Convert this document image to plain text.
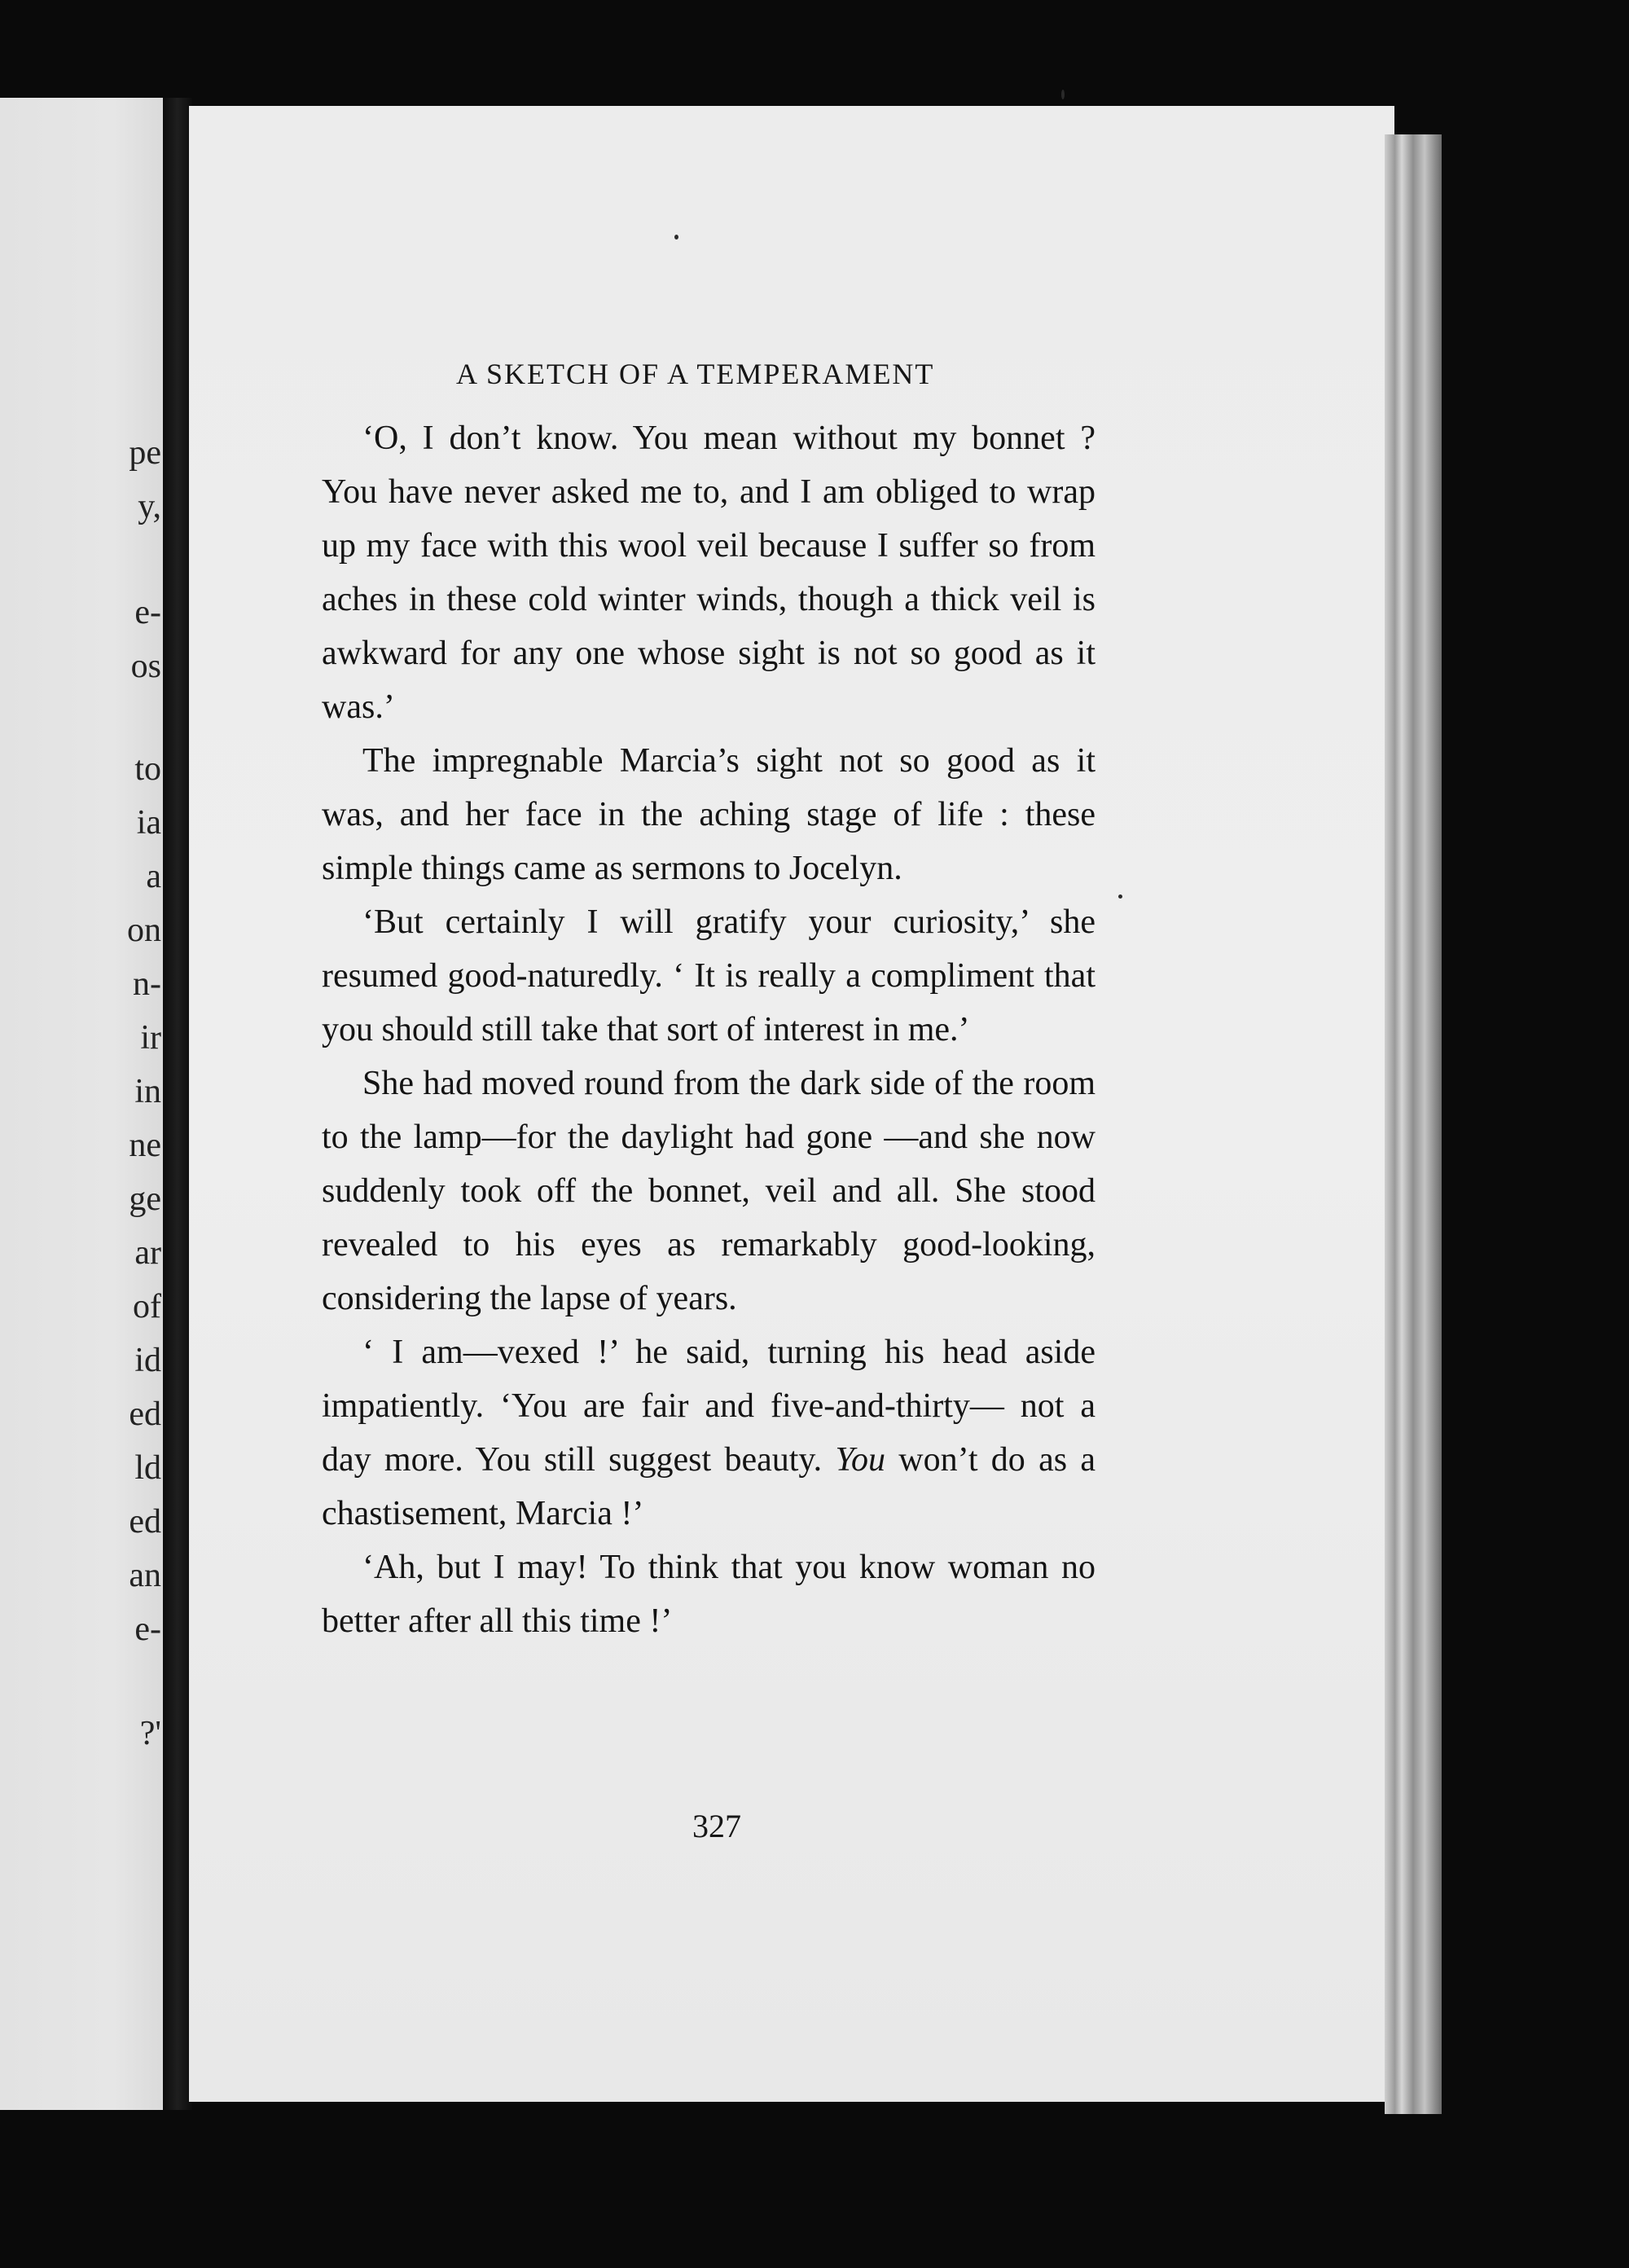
pe
y,
e-
os
to
ia
a
on
n-
ir
in
ne
ge
ar
of
id
ed
ld
ed
an
e-
?'
A SKETCH OF A TEMPERAMENT

‘O, I don’t know. You mean without my bonnet ? You have never asked me to, and I am obliged to wrap up my face with this wool veil because I suffer so from aches in these cold winter winds, though a thick veil is awkward for any one whose sight is not so good as it was.’

The impregnable Marcia’s sight not so good as it was, and her face in the aching stage of life : these simple things came as sermons to Jocelyn.

‘But certainly I will gratify your curiosity,’ she resumed good-naturedly. ‘ It is really a compliment that you should still take that sort of interest in me.’

She had moved round from the dark side of the room to the lamp—for the daylight had gone —and she now suddenly took off the bonnet, veil and all. She stood revealed to his eyes as remarkably good-looking, considering the lapse of years.

‘ I am—vexed !’ he said, turning his head aside impatiently. ‘You are fair and five-and-thirty— not a day more. You still suggest beauty. You won’t do as a chastisement, Marcia !’

‘Ah, but I may! To think that you know woman no better after all this time !’

327
